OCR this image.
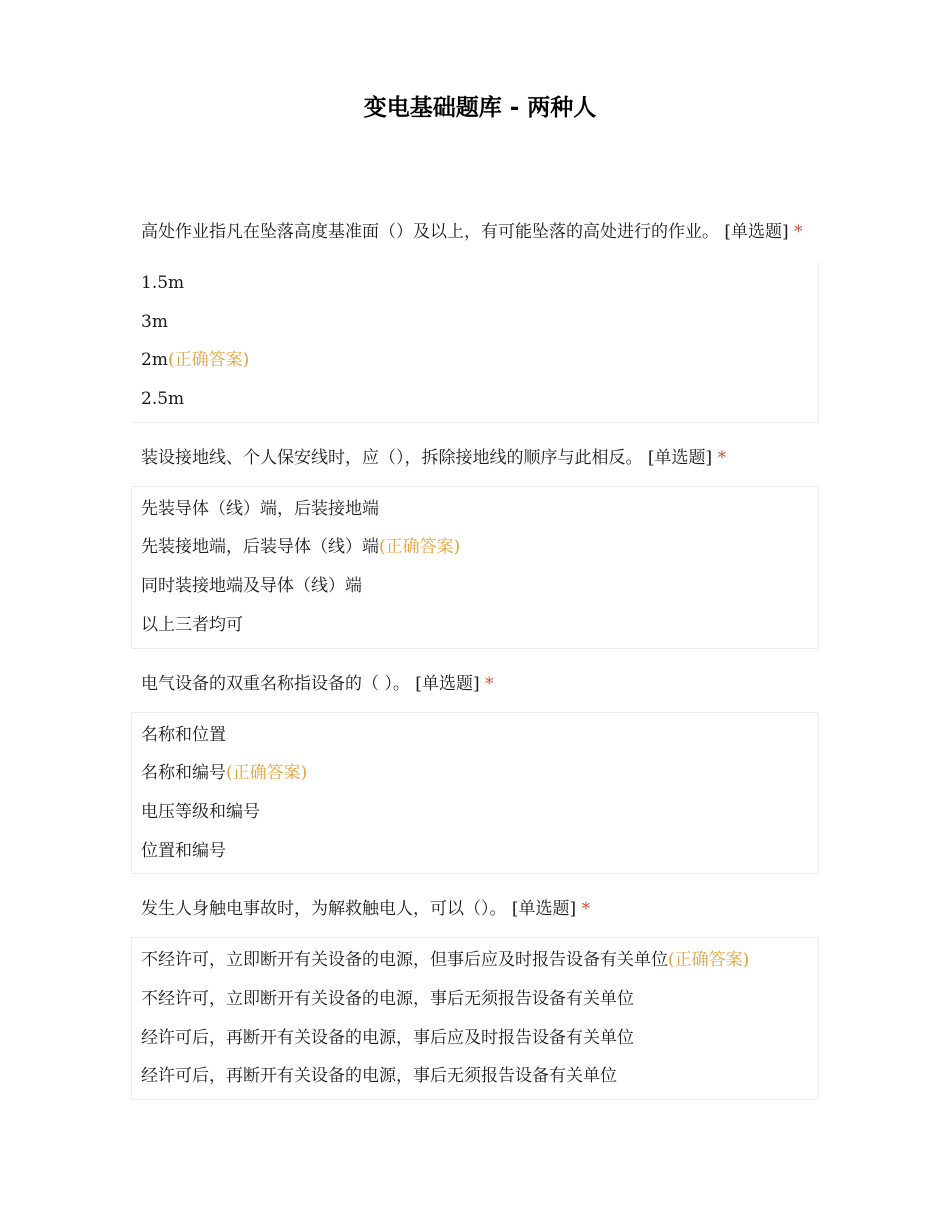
变电基础题库 - 两种人
高处作业指凡在坠落高度基准面（）及以上，有可能坠落的高处进行的作业。 [单选题] *
1.5m
3m
2m(正确答案)
2.5m
装设接地线、个人保安线时，应（），拆除接地线的顺序与此相反。 [单选题] *
先装导体（线）端，后装接地端
先装接地端，后装导体（线）端(正确答案)
同时装接地端及导体（线）端
以上三者均可
电气设备的双重名称指设备的（ ）。 [单选题] *
名称和位置
名称和编号(正确答案)
电压等级和编号
位置和编号
发生人身触电事故时，为解救触电人，可以（）。 [单选题] *
不经许可，立即断开有关设备的电源，但事后应及时报告设备有关单位(正确答案)
不经许可，立即断开有关设备的电源，事后无须报告设备有关单位
经许可后，再断开有关设备的电源，事后应及时报告设备有关单位
经许可后，再断开有关设备的电源，事后无须报告设备有关单位
